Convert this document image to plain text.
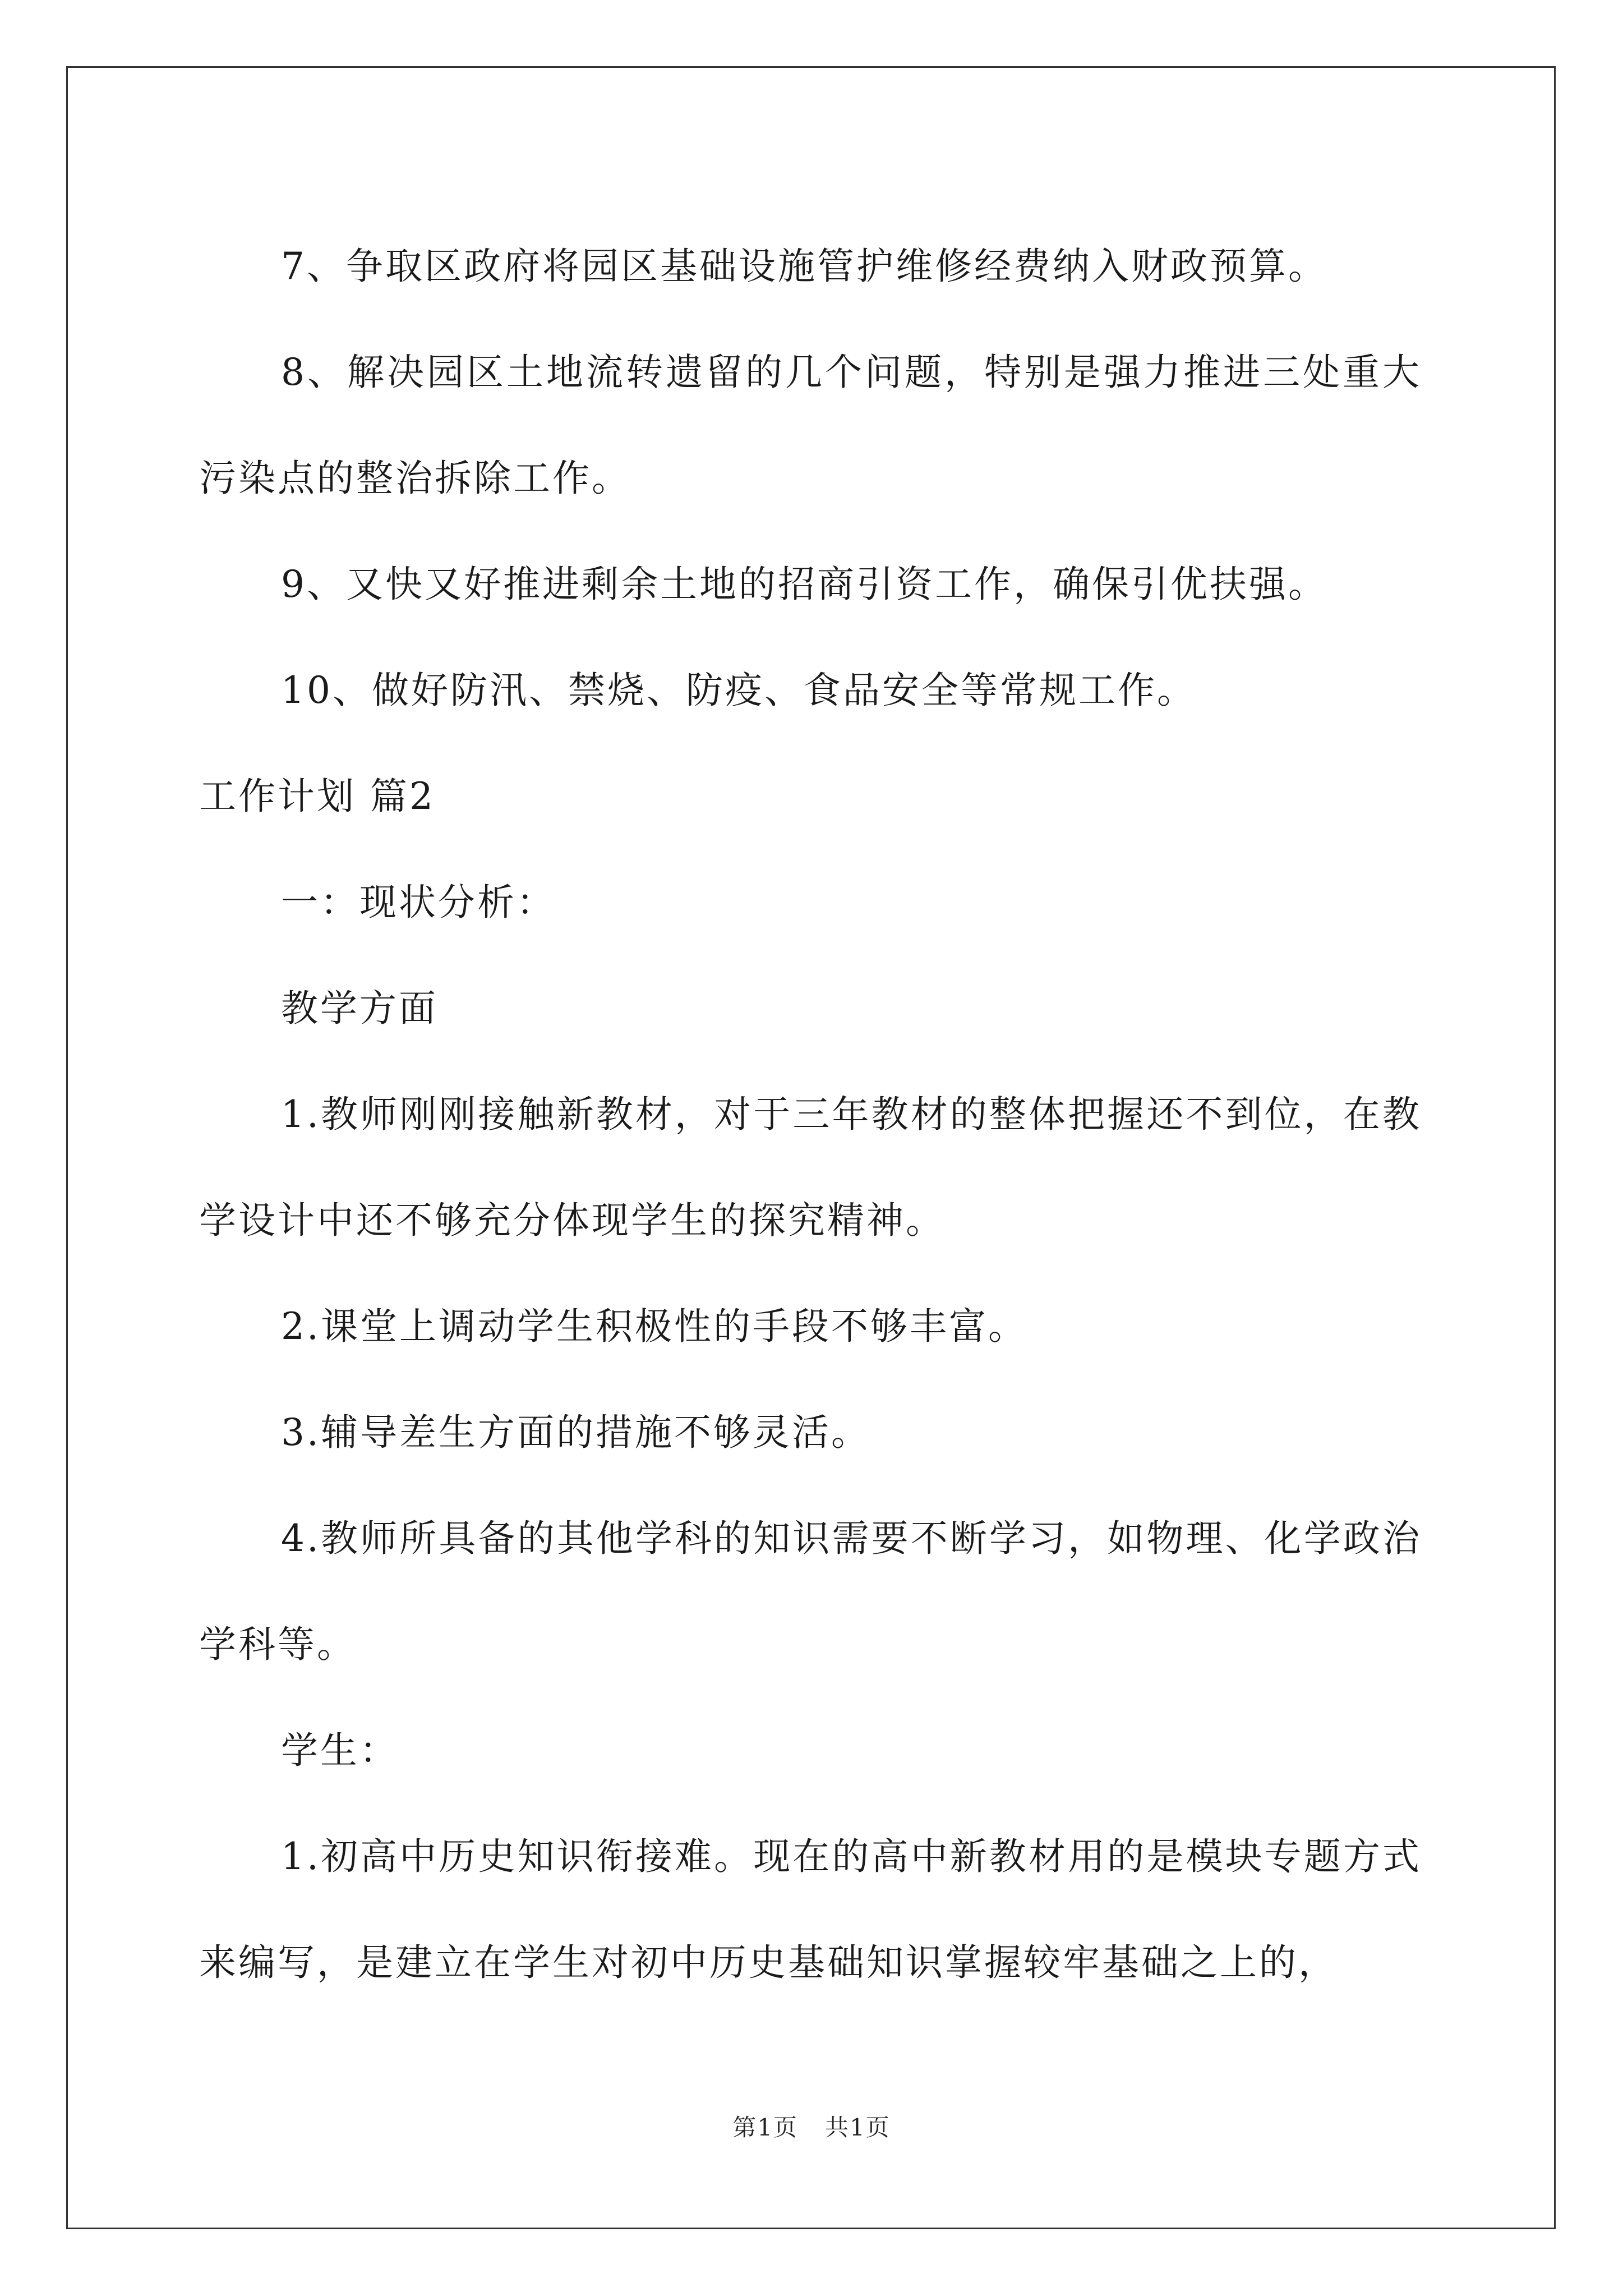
7、争取区政府将园区基础设施管护维修经费纳入财政预算。

8、解决园区土地流转遗留的几个问题，特别是强力推进三处重大污染点的整治拆除工作。

9、又快又好推进剩余土地的招商引资工作，确保引优扶强。

10、做好防汛、禁烧、防疫、食品安全等常规工作。

工作计划 篇2

一：现状分析：

教学方面

1.教师刚刚接触新教材，对于三年教材的整体把握还不到位，在教学设计中还不够充分体现学生的探究精神。

2.课堂上调动学生积极性的手段不够丰富。

3.辅导差生方面的措施不够灵活。

4.教师所具备的其他学科的知识需要不断学习，如物理、化学政治学科等。

学生：

1.初高中历史知识衔接难。现在的高中新教材用的是模块专题方式来编写，是建立在学生对初中历史基础知识掌握较牢基础之上的，

第1页 共1页
